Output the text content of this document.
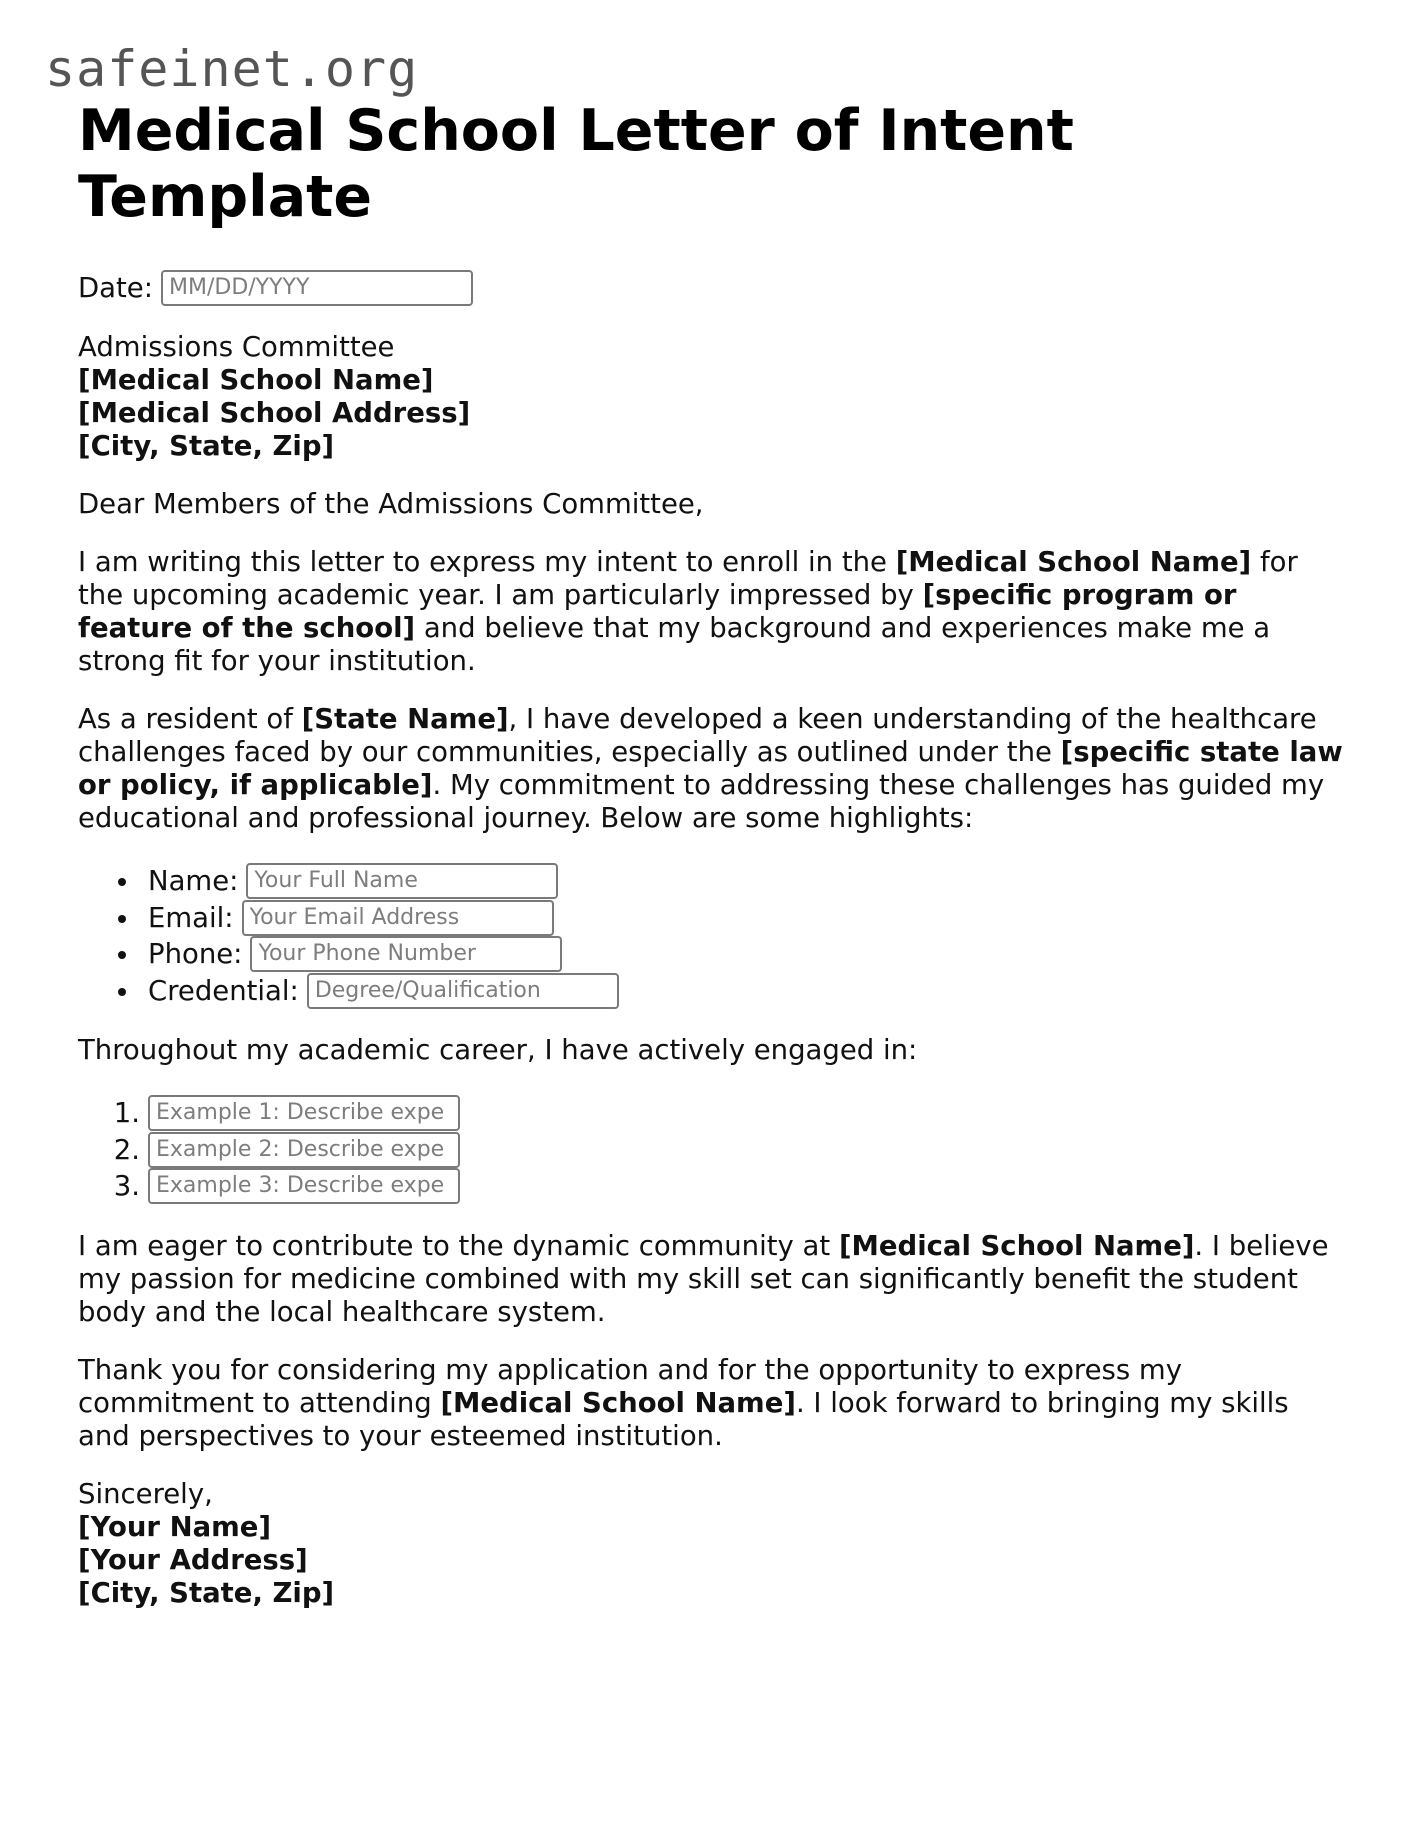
safeinet.org
Medical School Letter of Intent Template
Date: MM/DD/YYYY

Admissions Committee

[Medical School Name]

[Medical School Address]

[City, State, Zip]

Dear Members of the Admissions Committee,

I am writing this letter to express my intent to enroll in the [Medical School Name] for the upcoming academic year. I am particularly impressed by [specific program or feature of the school] and believe that my background and experiences make me a strong fit for your institution.

As a resident of [State Name], I have developed a keen understanding of the healthcare challenges faced by our communities, especially as outlined under the [specific state law or policy, if applicable]. My commitment to addressing these challenges has guided my educational and professional journey. Below are some highlights:

Name: Your Full Name
Email: Your Email Address
Phone: Your Phone Number
Credential: Degree/Qualification

Throughout my academic career, I have actively engaged in:

1. Example 1: Describe expe
2. Example 2: Describe expe
3. Example 3: Describe expe

I am eager to contribute to the dynamic community at [Medical School Name]. I believe my passion for medicine combined with my skill set can significantly benefit the student body and the local healthcare system.

Thank you for considering my application and for the opportunity to express my commitment to attending [Medical School Name]. I look forward to bringing my skills and perspectives to your esteemed institution.

Sincerely,

[Your Name]

[Your Address]

[City, State, Zip]
